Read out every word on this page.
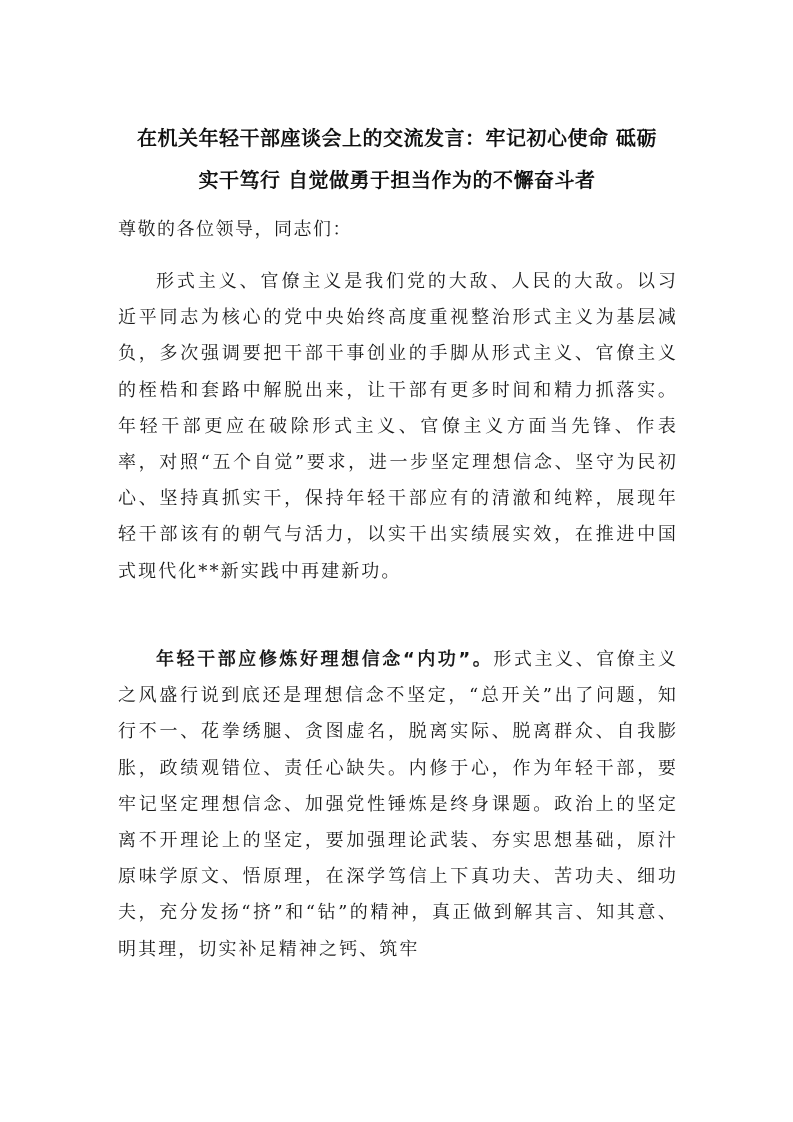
在机关年轻干部座谈会上的交流发言：牢记初心使命 砥砺
实干笃行 自觉做勇于担当作为的不懈奋斗者
尊敬的各位领导，同志们：
形式主义、官僚主义是我们党的大敌、人民的大敌。以习近平同志为核心的党中央始终高度重视整治形式主义为基层减负，多次强调要把干部干事创业的手脚从形式主义、官僚主义的桎梏和套路中解脱出来，让干部有更多时间和精力抓落实。年轻干部更应在破除形式主义、官僚主义方面当先锋、作表率，对照“五个自觉”要求，进一步坚定理想信念、坚守为民初心、坚持真抓实干，保持年轻干部应有的清澈和纯粹，展现年轻干部该有的朝气与活力，以实干出实绩展实效，在推进中国式现代化**新实践中再建新功。
年轻干部应修炼好理想信念“内功”。形式主义、官僚主义之风盛行说到底还是理想信念不坚定，“总开关”出了问题，知行不一、花拳绣腿、贪图虚名，脱离实际、脱离群众、自我膨胀，政绩观错位、责任心缺失。内修于心，作为年轻干部，要牢记坚定理想信念、加强党性锤炼是终身课题。政治上的坚定离不开理论上的坚定，要加强理论武装、夯实思想基础，原汁原味学原文、悟原理，在深学笃信上下真功夫、苦功夫、细功夫，充分发扬“挤”和“钻”的精神，真正做到解其言、知其意、明其理，切实补足精神之钙、筑牢
